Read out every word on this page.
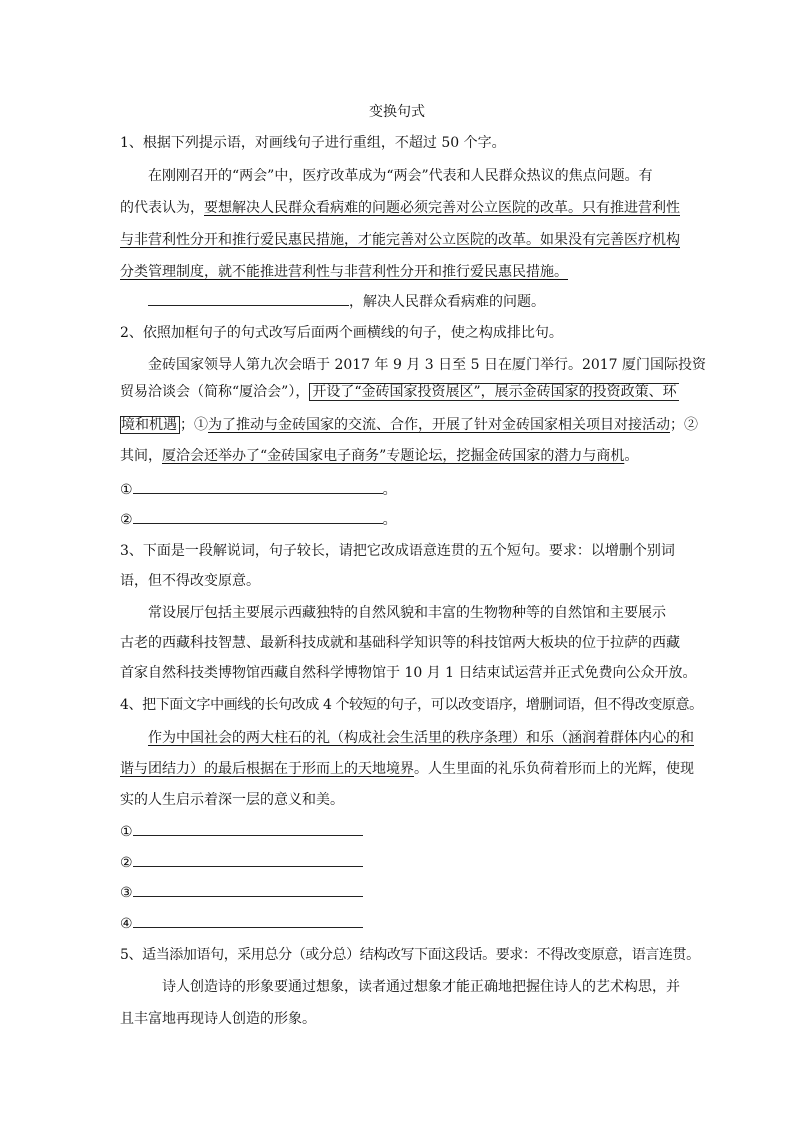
变换句式
1、根据下列提示语，对画线句子进行重组，不超过 50 个字。
在刚刚召开的“两会”中，医疗改革成为“两会”代表和人民群众热议的焦点问题。有
的代表认为，要想解决人民群众看病难的问题必须完善对公立医院的改革。只有推进营利性
与非营利性分开和推行爱民惠民措施，才能完善对公立医院的改革。如果没有完善医疗机构
分类管理制度，就不能推进营利性与非营利性分开和推行爱民惠民措施。
，解决人民群众看病难的问题。
2、依照加框句子的句式改写后面两个画横线的句子，使之构成排比句。
金砖国家领导人第九次会晤于 2017 年 9 月 3 日至 5 日在厦门举行。2017 厦门国际投资
贸易洽谈会（简称“厦洽会”）， 开设了“金砖国家投资展区”，展示金砖国家的投资政策、环
境和机遇 ；①为了推动与金砖国家的交流、合作，开展了针对金砖国家相关项目对接活动；②
其间，厦洽会还举办了“金砖国家电子商务”专题论坛，挖掘金砖国家的潜力与商机。
①	。
②	。
3、下面是一段解说词，句子较长，请把它改成语意连贯的五个短句。要求：以增删个别词
语，但不得改变原意。
常设展厅包括主要展示西藏独特的自然风貌和丰富的生物物种等的自然馆和主要展示
古老的西藏科技智慧、最新科技成就和基础科学知识等的科技馆两大板块的位于拉萨的西藏
首家自然科技类博物馆西藏自然科学博物馆于 10 月 1 日结束试运营并正式免费向公众开放。
4、把下面文字中画线的长句改成 4 个较短的句子，可以改变语序，增删词语，但不得改变原意。
作为中国社会的两大柱石的礼（构成社会生活里的秩序条理）和乐（涵润着群体内心的和
谐与团结力）的最后根据在于形而上的天地境界。人生里面的礼乐负荷着形而上的光辉，使现
实的人生启示着深一层的意义和美。
①
②
③
④
5、适当添加语句，采用总分（或分总）结构改写下面这段话。要求：不得改变原意，语言连贯。
诗人创造诗的形象要通过想象，读者通过想象才能正确地把握住诗人的艺术构思，并
且丰富地再现诗人创造的形象。
